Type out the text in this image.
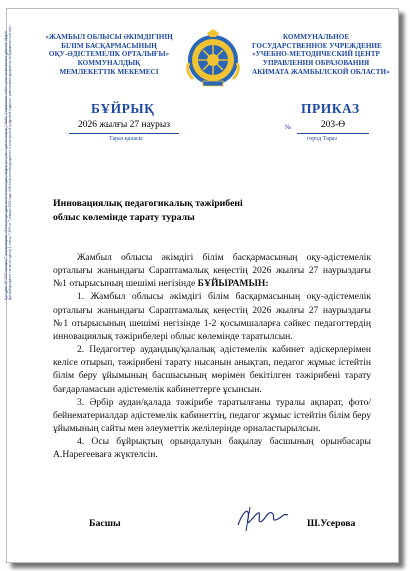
«ЖАМБЫЛ ОБЛЫСЫ ӘКІМДІГІНІҢ
БІЛІМ БАСҚАРМАСЫНЫҢ
ОҚУ-ӘДІСТЕМЕЛІК ОРТАЛЫҒЫ»
КОММУНАЛДЫҚ
МЕМЛЕКЕТТІК МЕКЕМЕСІ
КОММУНАЛЬНОЕ
ГОСУДАРСТВЕННОЕ УЧРЕЖДЕНИЕ
«УЧЕБНО-МЕТОДИЧЕСКИЙ ЦЕНТР
УПРАВЛЕНИЯ ОБРАЗОВАНИЯ
АКИМАТА ЖАМБЫЛСКОЙ ОБЛАСТИ»
БҰЙРЫҚ	ПРИКАЗ
2026 жылғы 27 наурыз	№	203-Ө
Тараз қаласы	город Тараз
Инновациялық педагогикалық тәжірибені
облыс көлемінде тарату туралы

Жамбыл облысы әкімдігі білім басқармасының оқу-әдістемелік орталығы жанындағы Сараптамалық кеңестің 2026 жылғы 27 наурыздағы №1 отырысының шешімі негізінде БҰЙЫРАМЫН:

1. Жамбыл облысы әкімдігі білім басқармасының оқу-әдістемелік орталығы жанындағы Сараптамалық кеңестің 2026 жылғы 27 наурыздағы №1 отырысының шешімі негізінде 1-2 қосымшаларға сәйкес педагогтердің инновациялық тәжірибелері облыс көлемінде таратылсын.

2. Педагогтер аудандық/қалалық әдістемелік кабинет әдіскерлерімен келісе отырып, тәжірибені тарату нысанын анықтап, педагог жұмыс істейтін білім беру ұйымының басшысының мөрімен бекітілген тәжірибені тарату бағдарламасын әдістемелік кабинеттерге ұсынсын.

3. Әрбір аудан/қалада тәжірибе таратылғаны туралы ақпарат, фото/бейнематериалдар әдістемелік кабинеттің, педагог жұмыс істейтін білім беру ұйымының сайты мен әлеуметтік желілерінде орналастырылсын.

4. Осы бұйрықтың орындалуын бақылау басшының орынбасары А.Нарегееваға жүктелсін.

Басшы	Ш.Усерова
Бұл құжат ҚР 2003 жылдың 7 қаңтарындағы «Электронды құжат және электрондық сандық қол қою» туралы заңның 7 бабы, 1 тармағына сәйкес қағаз тасығыштағы құжатпен бірдей. Данный документ согласно пункту 1 статьи 7 ЗРК от 7 января 2003 года «Об электронном документе и электронной цифровой подписи» равнозначен документу на бумажном носителе.
